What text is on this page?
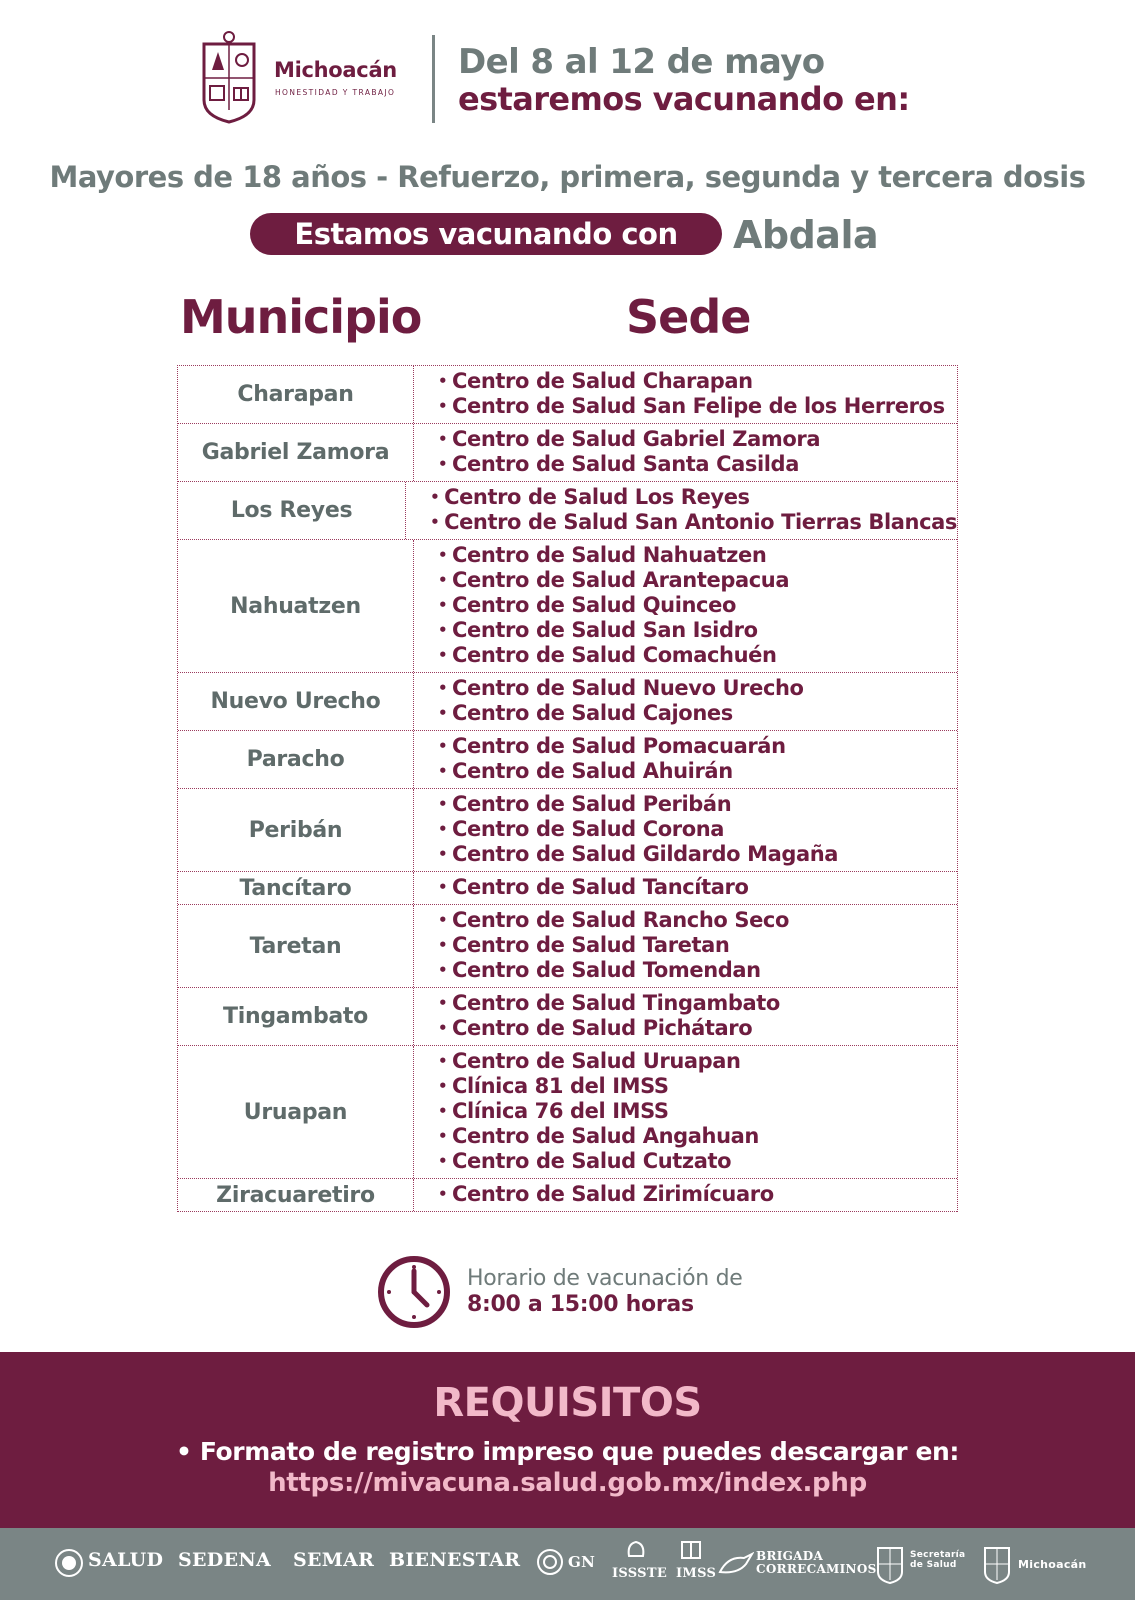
Michoacán
HONESTIDAD Y TRABAJO
Del 8 al 12 de mayo
estaremos vacunando en:
Mayores de 18 años - Refuerzo, primera, segunda y tercera dosis
Estamos vacunando con	Abdala
Municipio	Sede
Charapan
• Centro de Salud Charapan
• Centro de Salud San Felipe de los Herreros
Gabriel Zamora
• Centro de Salud Gabriel Zamora
• Centro de Salud Santa Casilda
Los Reyes
• Centro de Salud Los Reyes
• Centro de Salud San Antonio Tierras Blancas
Nahuatzen
• Centro de Salud Nahuatzen
• Centro de Salud Arantepacua
• Centro de Salud Quinceo
• Centro de Salud San Isidro
• Centro de Salud Comachuén
Nuevo Urecho
• Centro de Salud Nuevo Urecho
• Centro de Salud Cajones
Paracho
• Centro de Salud Pomacuarán
• Centro de Salud Ahuirán
Peribán
• Centro de Salud Peribán
• Centro de Salud Corona
• Centro de Salud Gildardo Magaña
Tancítaro	• Centro de Salud Tancítaro
Taretan
• Centro de Salud Rancho Seco
• Centro de Salud Taretan
• Centro de Salud Tomendan
Tingambato
• Centro de Salud Tingambato
• Centro de Salud Pichátaro
Uruapan
• Centro de Salud Uruapan
• Clínica 81 del IMSS
• Clínica 76 del IMSS
• Centro de Salud Angahuan
• Centro de Salud Cutzato
Ziracuaretiro	• Centro de Salud Zirimícuaro
Horario de vacunación de
8:00 a 15:00 horas
REQUISITOS
• Formato de registro impreso que puedes descargar en:
https://mivacuna.salud.gob.mx/index.php
SALUD SEDENA SEMAR BIENESTAR	GN
ISSSTE IMSS
BRIGADA
CORRECAMINOS
Secretaría
de Salud	Michoacán
